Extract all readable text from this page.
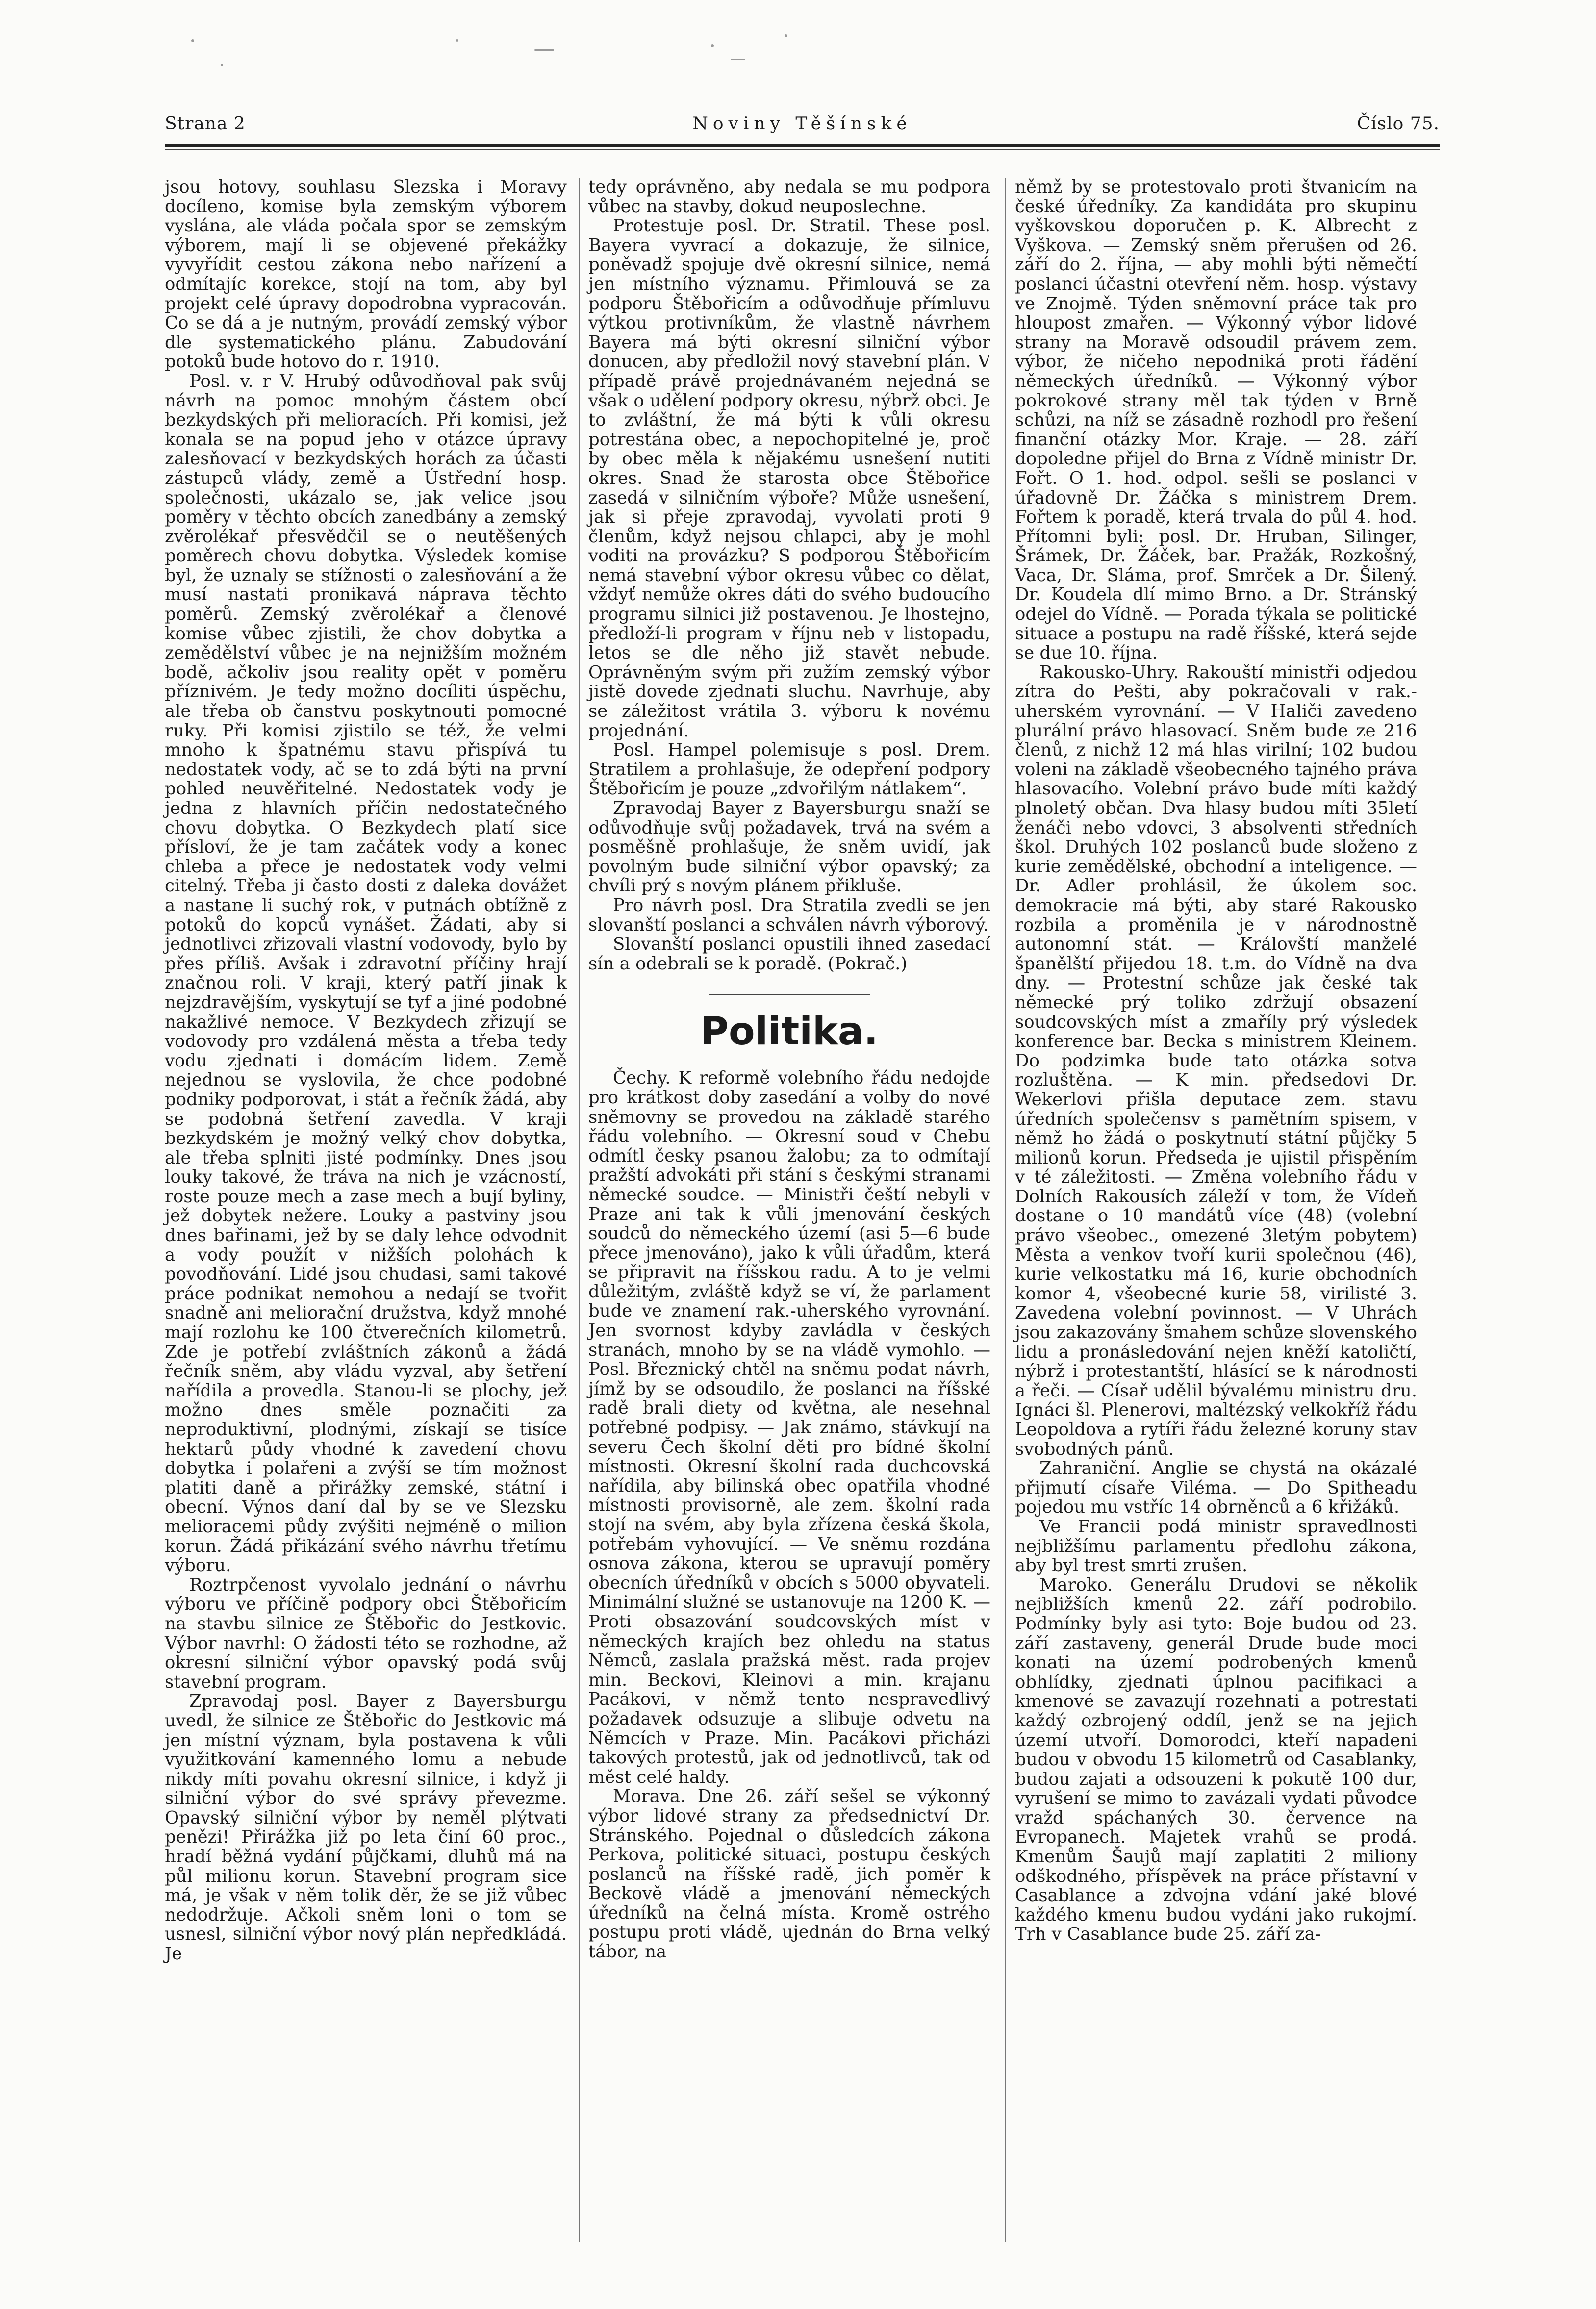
Strana 2	Noviny Těšínské	Číslo 75.

jsou hotovy, souhlasu Slezska i Moravy docíleno, komise byla zemským výborem vyslána, ale vláda počala spor se zemským výborem, mají li se objevené překážky vyvyřídit cestou zákona nebo nařízení a odmítajíc korekce, stojí na tom, aby byl projekt celé úpravy dopodrobna vypracován. Co se dá a je nutným, provádí zemský výbor dle systematického plánu. Zabudování potoků bude hotovo do r. 1910.

Posl. v. r V. Hrubý odůvodňoval pak svůj návrh na pomoc mnohým částem obcí bezkydských při melioracích. Při komisi, jež konala se na popud jeho v otázce úpravy zalesňovací v bezkydských horách za účasti zástupců vlády, země a Ústřední hosp. společnosti, ukázalo se, jak velice jsou poměry v těchto obcích zanedbány a zemský zvěrolékař přesvědčil se o neutěšených poměrech chovu dobytka. Výsledek komise byl, že uznaly se stížnosti o zalesňování a že musí nastati pronikavá náprava těchto poměrů. Zemský zvěrolékař a členové komise vůbec zjistili, že chov dobytka a zemědělství vůbec je na nejnižším možném bodě, ačkoliv jsou reality opět v poměru příznivém. Je tedy možno docíliti úspěchu, ale třeba ob čanstvu poskytnouti pomocné ruky. Při komisi zjistilo se též, že velmi mnoho k špatnému stavu přispívá tu nedostatek vody, ač se to zdá býti na první pohled neuvěřitelné. Nedostatek vody je jedna z hlavních příčin nedostatečného chovu dobytka. O Bezkydech platí sice přísloví, že je tam začátek vody a konec chleba a přece je nedostatek vody velmi citelný. Třeba ji často dosti z daleka dovážet a nastane li suchý rok, v putnách obtížně z potoků do kopců vynášet. Žádati, aby si jednotlivci zřizovali vlastní vodovody, bylo by přes příliš. Avšak i zdravotní příčiny hrají značnou roli. V kraji, který patří jinak k nejzdravějším, vyskytují se tyf a jiné podobné nakažlivé nemoce. V Bezkydech zřizují se vodovody pro vzdálená města a třeba tedy vodu zjednati i domácím lidem. Země nejednou se vyslovila, že chce podobné podniky podporovat, i stát a řečník žádá, aby se podobná šetření zavedla. V kraji bezkydském je možný velký chov dobytka, ale třeba splniti jisté podmínky. Dnes jsou louky takové, že tráva na nich je vzácností, roste pouze mech a zase mech a bují byliny, jež dobytek nežere. Louky a pastviny jsou dnes bařinami, jež by se daly lehce odvodnit a vody použít v nižších polohách k povodňování. Lidé jsou chudasi, sami takové práce podnikat nemohou a nedají se tvořit snadně ani meliorační družstva, když mnohé mají rozlohu ke 100 čtverečních kilometrů. Zde je potřebí zvláštních zákonů a žádá řečník sněm, aby vládu vyzval, aby šetření nařídila a provedla. Stanou-li se plochy, jež možno dnes směle poznačiti za neproduktivní, plodnými, získají se tisíce hektarů půdy vhodné k zavedení chovu dobytka i polařeni a zvýší se tím možnost platiti daně a přirážky zemské, státní i obecní. Výnos daní dal by se ve Slezsku melioracemi půdy zvýšiti nejméně o milion korun. Žádá přikázání svého návrhu třetímu výboru.

Roztrpčenost vyvolalo jednání o návrhu výboru ve příčině podpory obci Štěbořicím na stavbu silnice ze Štěbořic do Jestkovic. Výbor navrhl: O žádosti této se rozhodne, až okresní silniční výbor opavský podá svůj stavební program.

Zpravodaj posl. Bayer z Bayersburgu uvedl, že silnice ze Štěbořic do Jestkovic má jen místní význam, byla postavena k vůli využitkování kamenného lomu a nebude nikdy míti povahu okresní silnice, i když ji silniční výbor do své správy převezme. Opavský silniční výbor by neměl plýtvati penězi! Přirážka již po leta činí 60 proc., hradí běžná vydání půjčkami, dluhů má na půl milionu korun. Stavební program sice má, je však v něm tolik děr, že se již vůbec nedodržuje. Ačkoli sněm loni o tom se usnesl, silniční výbor nový plán nepředkládá. Je

tedy oprávněno, aby nedala se mu podpora vůbec na stavby, dokud neuposlechne.

Protestuje posl. Dr. Stratil. These posl. Bayera vyvrací a dokazuje, že silnice, poněvadž spojuje dvě okresní silnice, nemá jen místního významu. Přimlouvá se za podporu Štěbořicím a odůvodňuje přímluvu výtkou protivníkům, že vlastně návrhem Bayera má býti okresní silniční výbor donucen, aby předložil nový stavební plán. V případě právě projednávaném nejedná se však o udělení podpory okresu, nýbrž obci. Je to zvláštní, že má býti k vůli okresu potrestána obec, a nepochopitelné je, proč by obec měla k nějakému usnešení nutiti okres. Snad že starosta obce Štěbořice zasedá v silničním výboře? Může usnešení, jak si přeje zpravodaj, vyvolati proti 9 členům, když nejsou chlapci, aby je mohl voditi na provázku? S podporou Štěbořicím nemá stavební výbor okresu vůbec co dělat, vždyť nemůže okres dáti do svého budoucího programu silnici již postavenou. Je lhostejno, předloží-li program v říjnu neb v listopadu, letos se dle něho již stavět nebude. Oprávněným svým při zužím zemský výbor jistě dovede zjednati sluchu. Navrhuje, aby se záležitost vrátila 3. výboru k novému projednání.

Posl. Hampel polemisuje s posl. Drem. Stratilem a prohlašuje, že odepření podpory Štěbořicím je pouze „zdvořilým nátlakem“.

Zpravodaj Bayer z Bayersburgu snaží se odůvodňuje svůj požadavek, trvá na svém a posměšně prohlašuje, že sněm uvidí, jak povolným bude silniční výbor opavský; za chvíli prý s novým plánem přikluše.

Pro návrh posl. Dra Stratila zvedli se jen slovanští poslanci a schválen návrh výborový.

Slovanští poslanci opustili ihned zasedací sín a odebrali se k poradě. (Pokrač.)

Politika.

Čechy. K reformě volebního řádu nedojde pro krátkost doby zasedání a volby do nové sněmovny se provedou na základě starého řádu volebního. — Okresní soud v Chebu odmítl česky psanou žalobu; za to odmítají pražští advokáti při stání s českými stranami německé soudce. — Ministři čeští nebyli v Praze ani tak k vůli jmenování českých soudců do německého území (asi 5—6 bude přece jmenováno), jako k vůli úřadům, která se připravit na říšskou radu. A to je velmi důležitým, zvláště když se ví, že parlament bude ve znamení rak.-uherského vyrovnání. Jen svornost kdyby zavládla v českých stranách, mnoho by se na vládě vymohlo. — Posl. Březnický chtěl na sněmu podat návrh, jímž by se odsoudilo, že poslanci na říšské radě brali diety od května, ale nesehnal potřebné podpisy. — Jak známo, stávkují na severu Čech školní děti pro bídné školní místnosti. Okresní školní rada duchcovská nařídila, aby bilinská obec opatřila vhodné místnosti provisorně, ale zem. školní rada stojí na svém, aby byla zřízena česká škola, potřebám vyhovující. — Ve sněmu rozdána osnova zákona, kterou se upravují poměry obecních úředníků v obcích s 5000 obyvateli. Minimální služné se ustanovuje na 1200 K. — Proti obsazování soudcovských míst v německých krajích bez ohledu na status Němců, zaslala pražská měst. rada projev min. Beckovi, Kleinovi a min. krajanu Pacákovi, v němž tento nespravedlivý požadavek odsuzuje a slibuje odvetu na Němcích v Praze. Min. Pacákovi přicházi takových protestů, jak od jednotlivců, tak od měst celé haldy.

Morava. Dne 26. září sešel se výkonný výbor lidové strany za předsednictví Dr. Stránského. Pojednal o důsledcích zákona Perkova, politické situaci, postupu českých poslanců na říšské radě, jich poměr k Beckově vládě a jmenování německých úředníků na čelná místa. Kromě ostrého postupu proti vládě, ujednán do Brna velký tábor, na

němž by se protestovalo proti štvanicím na české úředníky. Za kandidáta pro skupinu vyškovskou doporučen p. K. Albrecht z Vyškova. — Zemský sněm přerušen od 26. září do 2. října, — aby mohli býti němečtí poslanci účastni otevření něm. hosp. výstavy ve Znojmě. Týden sněmovní práce tak pro hloupost zmařen. — Výkonný výbor lidové strany na Moravě odsoudil právem zem. výbor, že ničeho nepodniká proti řádění německých úředníků. — Výkonný výbor pokrokové strany měl tak týden v Brně schůzi, na níž se zásadně rozhodl pro řešení finanční otázky Mor. Kraje. — 28. září dopoledne přijel do Brna z Vídně ministr Dr. Fořt. O 1. hod. odpol. sešli se poslanci v úřadovně Dr. Žáčka s ministrem Drem. Fořtem k poradě, která trvala do půl 4. hod. Přítomni byli: posl. Dr. Hruban, Silinger, Šrámek, Dr. Žáček, bar. Pražák, Rozkošný, Vaca, Dr. Sláma, prof. Smrček a Dr. Šilený. Dr. Koudela dlí mimo Brno. a Dr. Stránský odejel do Vídně. — Porada týkala se politické situace a postupu na radě říšské, která sejde se due 10. října.

Rakousko-Uhry. Rakouští ministři odjedou zítra do Pešti, aby pokračovali v rak.-uherském vyrovnání. — V Haliči zavedeno plurální právo hlasovací. Sněm bude ze 216 členů, z nichž 12 má hlas virilní; 102 budou voleni na základě všeobecného tajného práva hlasovacího. Volební právo bude míti každý plnoletý občan. Dva hlasy budou míti 35letí ženáči nebo vdovci, 3 absolventi středních škol. Druhých 102 poslanců bude složeno z kurie zemědělské, obchodní a inteligence. — Dr. Adler prohlásil, že úkolem soc. demokracie má býti, aby staré Rakousko rozbila a proměnila je v národnostně autonomní stát. — Královští manželé španělští přijedou 18. t.m. do Vídně na dva dny. — Protestní schůze jak české tak německé prý toliko zdržují obsazení soudcovských míst a zmaříly prý výsledek konference bar. Becka s ministrem Kleinem. Do podzimka bude tato otázka sotva rozluštěna. — K min. předsedovi Dr. Wekerlovi přišla deputace zem. stavu úředních společensv s pamětním spisem, v němž ho žádá o poskytnutí státní půjčky 5 milionů korun. Předseda je ujistil přispěním v té záležitosti. — Změna volebního řádu v Dolních Rakousích záleží v tom, že Vídeň dostane o 10 mandátů více (48) (volební právo všeobec., omezené 3letým pobytem) Města a venkov tvoří kurii společnou (46), kurie velkostatku má 16, kurie obchodních komor 4, všeobecné kurie 58, virilisté 3. Zavedena volební povinnost. — V Uhrách jsou zakazovány šmahem schůze slovenského lidu a pronásledování nejen kněží katoličtí, nýbrž i protestantští, hlásící se k národnosti a řeči. — Císař udělil bývalému ministru dru. Ignáci šl. Plenerovi, maltézský velkokříž řádu Leopoldova a rytíři řádu železné koruny stav svobodných pánů.

Zahraniční. Anglie se chystá na okázalé přijmutí císaře Viléma. — Do Spitheadu pojedou mu vstříc 14 obrněnců a 6 křižáků.

Ve Francii podá ministr spravedlnosti nejbližšímu parlamentu předlohu zákona, aby byl trest smrti zrušen.

Maroko. Generálu Drudovi se několik nejbližších kmenů 22. září podrobilo. Podmínky byly asi tyto: Boje budou od 23. září zastaveny, generál Drude bude moci konati na území podrobených kmenů obhlídky, zjednati úplnou pacifikaci a kmenové se zavazují rozehnati a potrestati každý ozbrojený oddíl, jenž se na jejich území utvoří. Domorodci, kteří napadeni budou v obvodu 15 kilometrů od Casablanky, budou zajati a odsouzeni k pokutě 100 dur, vyrušení se mimo to zavázali vydati původce vražd spáchaných 30. července na Evropanech. Majetek vrahů se prodá. Kmenům Šaujů mají zaplatiti 2 miliony odškodného, příspěvek na práce přístavní v Casablance a zdvojna vdání jaké blové každého kmenu budou vydáni jako rukojmí. Trh v Casablance bude 25. září za-
